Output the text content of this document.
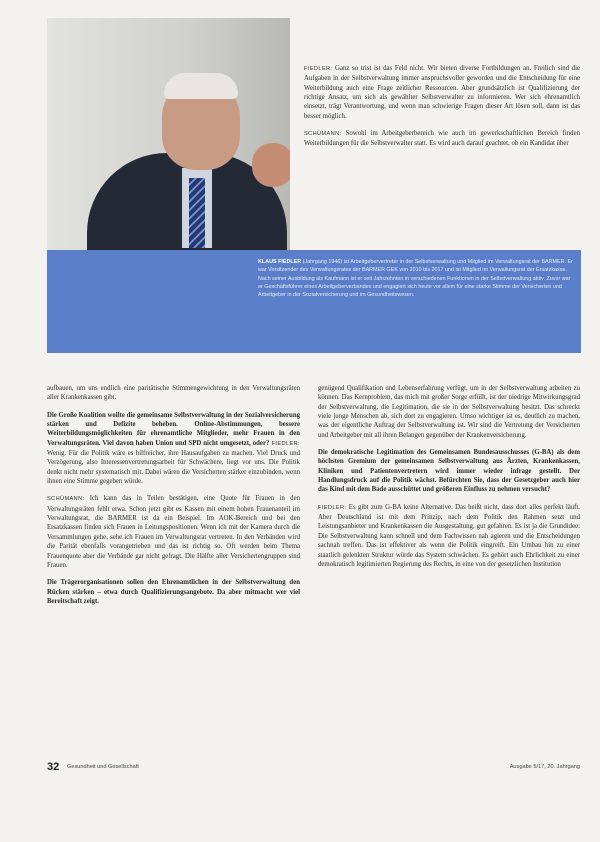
KLAUS FIEDLER (Jahrgang 1946) ist Arbeitgebervertreter in der Selbstverwaltung und Mitglied im Verwaltungsrat der BARMER. Er war Vorsitzender des Verwaltungsrates der BARMER GEK von 2010 bis 2017 und ist Mitglied im Verwaltungsrat der Ersatzkasse. Nach seiner Ausbildung als Kaufmann ist er seit Jahrzehnten in verschiedenen Funktionen in der Selbstverwaltung aktiv. Zuvor war er Geschäftsführer eines Arbeitgeberverbandes und engagiert sich heute vor allem für eine starke Stimme der Versicherten und Arbeitgeber in der Sozialversicherung und im Gesundheitswesen.

FIEDLER: Ganz so trist ist das Feld nicht. Wir bieten diverse Fortbildungen an. Freilich sind die Aufgaben in der Selbstverwaltung immer anspruchsvoller geworden und die Entscheidung für eine Weiterbildung auch eine Frage zeitlicher Ressourcen. Aber grundsätzlich ist Qualifizierung der richtige Ansatz, um sich als gewählter Selbstverwalter zu informieren. Wer sich ehrenamtlich einsetzt, trägt Verantwortung, und wenn man schwierige Fragen dieser Art lösen soll, dann ist das besser möglich.

SCHÜMANN: Sowohl im Arbeitgeberbereich wie auch im gewerkschaftlichen Bereich finden Weiterbildungen für die Selbstverwalter statt. Es wird auch darauf geachtet, ob ein Kandidat über

aufbauen, um uns endlich eine paritätische Stimmengewichtung in den Verwaltungsräten aller Krankenkassen gibt.

Die Große Koalition wollte die gemeinsame Selbstverwaltung in der Sozialversicherung stärken und Defizite beheben. Online-Abstimmungen, bessere Weiterbildungsmöglichkeiten für ehrenamtliche Mitglieder, mehr Frauen in den Verwaltungsräten. Viel davon haben Union und SPD nicht umgesetzt, oder? FIEDLER: Wenig. Für die Politik wäre es hilfreicher, ihre Hausaufgaben zu machen. Viel Druck und Verzögerung, also Interessenvertretungsarbeit für Schwächere, liegt vor uns. Die Politik denkt nicht mehr systematisch mit. Dabei wären die Versicherten stärker einzubinden, wenn ihnen eine Stimme gegeben würde.

SCHÜMANN: Ich kann das in Teilen bestätigen, eine Quote für Frauen in den Verwaltungsräten fehlt etwa. Schon jetzt gibt es Kassen mit einem hohen Frauenanteil im Verwaltungsrat, die BARMER ist da ein Beispiel. Im AOK-Bereich und bei den Ersatzkassen finden sich Frauen in Leitungspositionen. Wenn ich mit der Kamera durch die Versammlungen gehe, sehe ich Frauen im Verwaltungsrat vertreten. In den Verbänden wird die Parität ebenfalls vorangetrieben und das ist richtig so. Oft werden beim Thema Frauenquote aber die Verbände gar nicht gefragt. Die Hälfte aller Versichertengruppen sind Frauen.

Die Trägerorganisationen sollen den Ehrenamtlichen in der Selbstverwaltung den Rücken stärken – etwa durch Qualifizierungsangebote. Da aber mitmacht wer viel Bereitschaft zeigt.

genügend Qualifikation und Lebenserfahrung verfügt, um in der Selbstverwaltung arbeiten zu können. Das Kernproblem, das mich mit großer Sorge erfüllt, ist der niedrige Mitwirkungsgrad der Selbstverwaltung, die Legitimation, die sie in der Selbstverwaltung besitzt. Das schreckt viele junge Menschen ab, sich dort zu engagieren. Umso wichtiger ist es, deutlich zu machen, was der eigentliche Auftrag der Selbstverwaltung ist. Wir sind die Vertretung der Versicherten und Arbeitgeber mit all ihren Belangen gegenüber der Krankenversicherung.

Die demokratische Legitimation des Gemeinsamen Bundesausschusses (G-BA) als dem höchsten Gremium der gemeinsamen Selbstverwaltung aus Ärzten, Krankenkassen, Kliniken und Patientenvertretern wird immer wieder infrage gestellt. Der Handlungsdruck auf die Politik wächst. Befürchten Sie, dass der Gesetzgeber auch hier das Kind mit dem Bade ausschüttet und größeren Einfluss zu nehmen versucht?

FIEDLER: Es gibt zum G-BA keine Alternative. Das heißt nicht, dass dort alles perfekt läuft. Aber Deutschland ist mit dem Prinzip, nach dem Politik den Rahmen setzt und Leistungsanbieter und Krankenkassen die Ausgestaltung, gut gefahren. Es ist ja die Grundidee: Die Selbstverwaltung kann schnell und dem Fachwissen nah agieren und die Entscheidungen sachnah treffen. Das ist effektiver als wenn die Politik eingreift. Ein Umbau hin zu einer staatlich gelenkten Struktur würde das System schwächen. Es gehört auch Ehrlichkeit zu einer demokratisch legitimierten Regierung des Rechts, in eine von der gesetzlichen Institution

32 Gesundheit und Gesellschaft	Ausgabe 5/17, 20. Jahrgang
